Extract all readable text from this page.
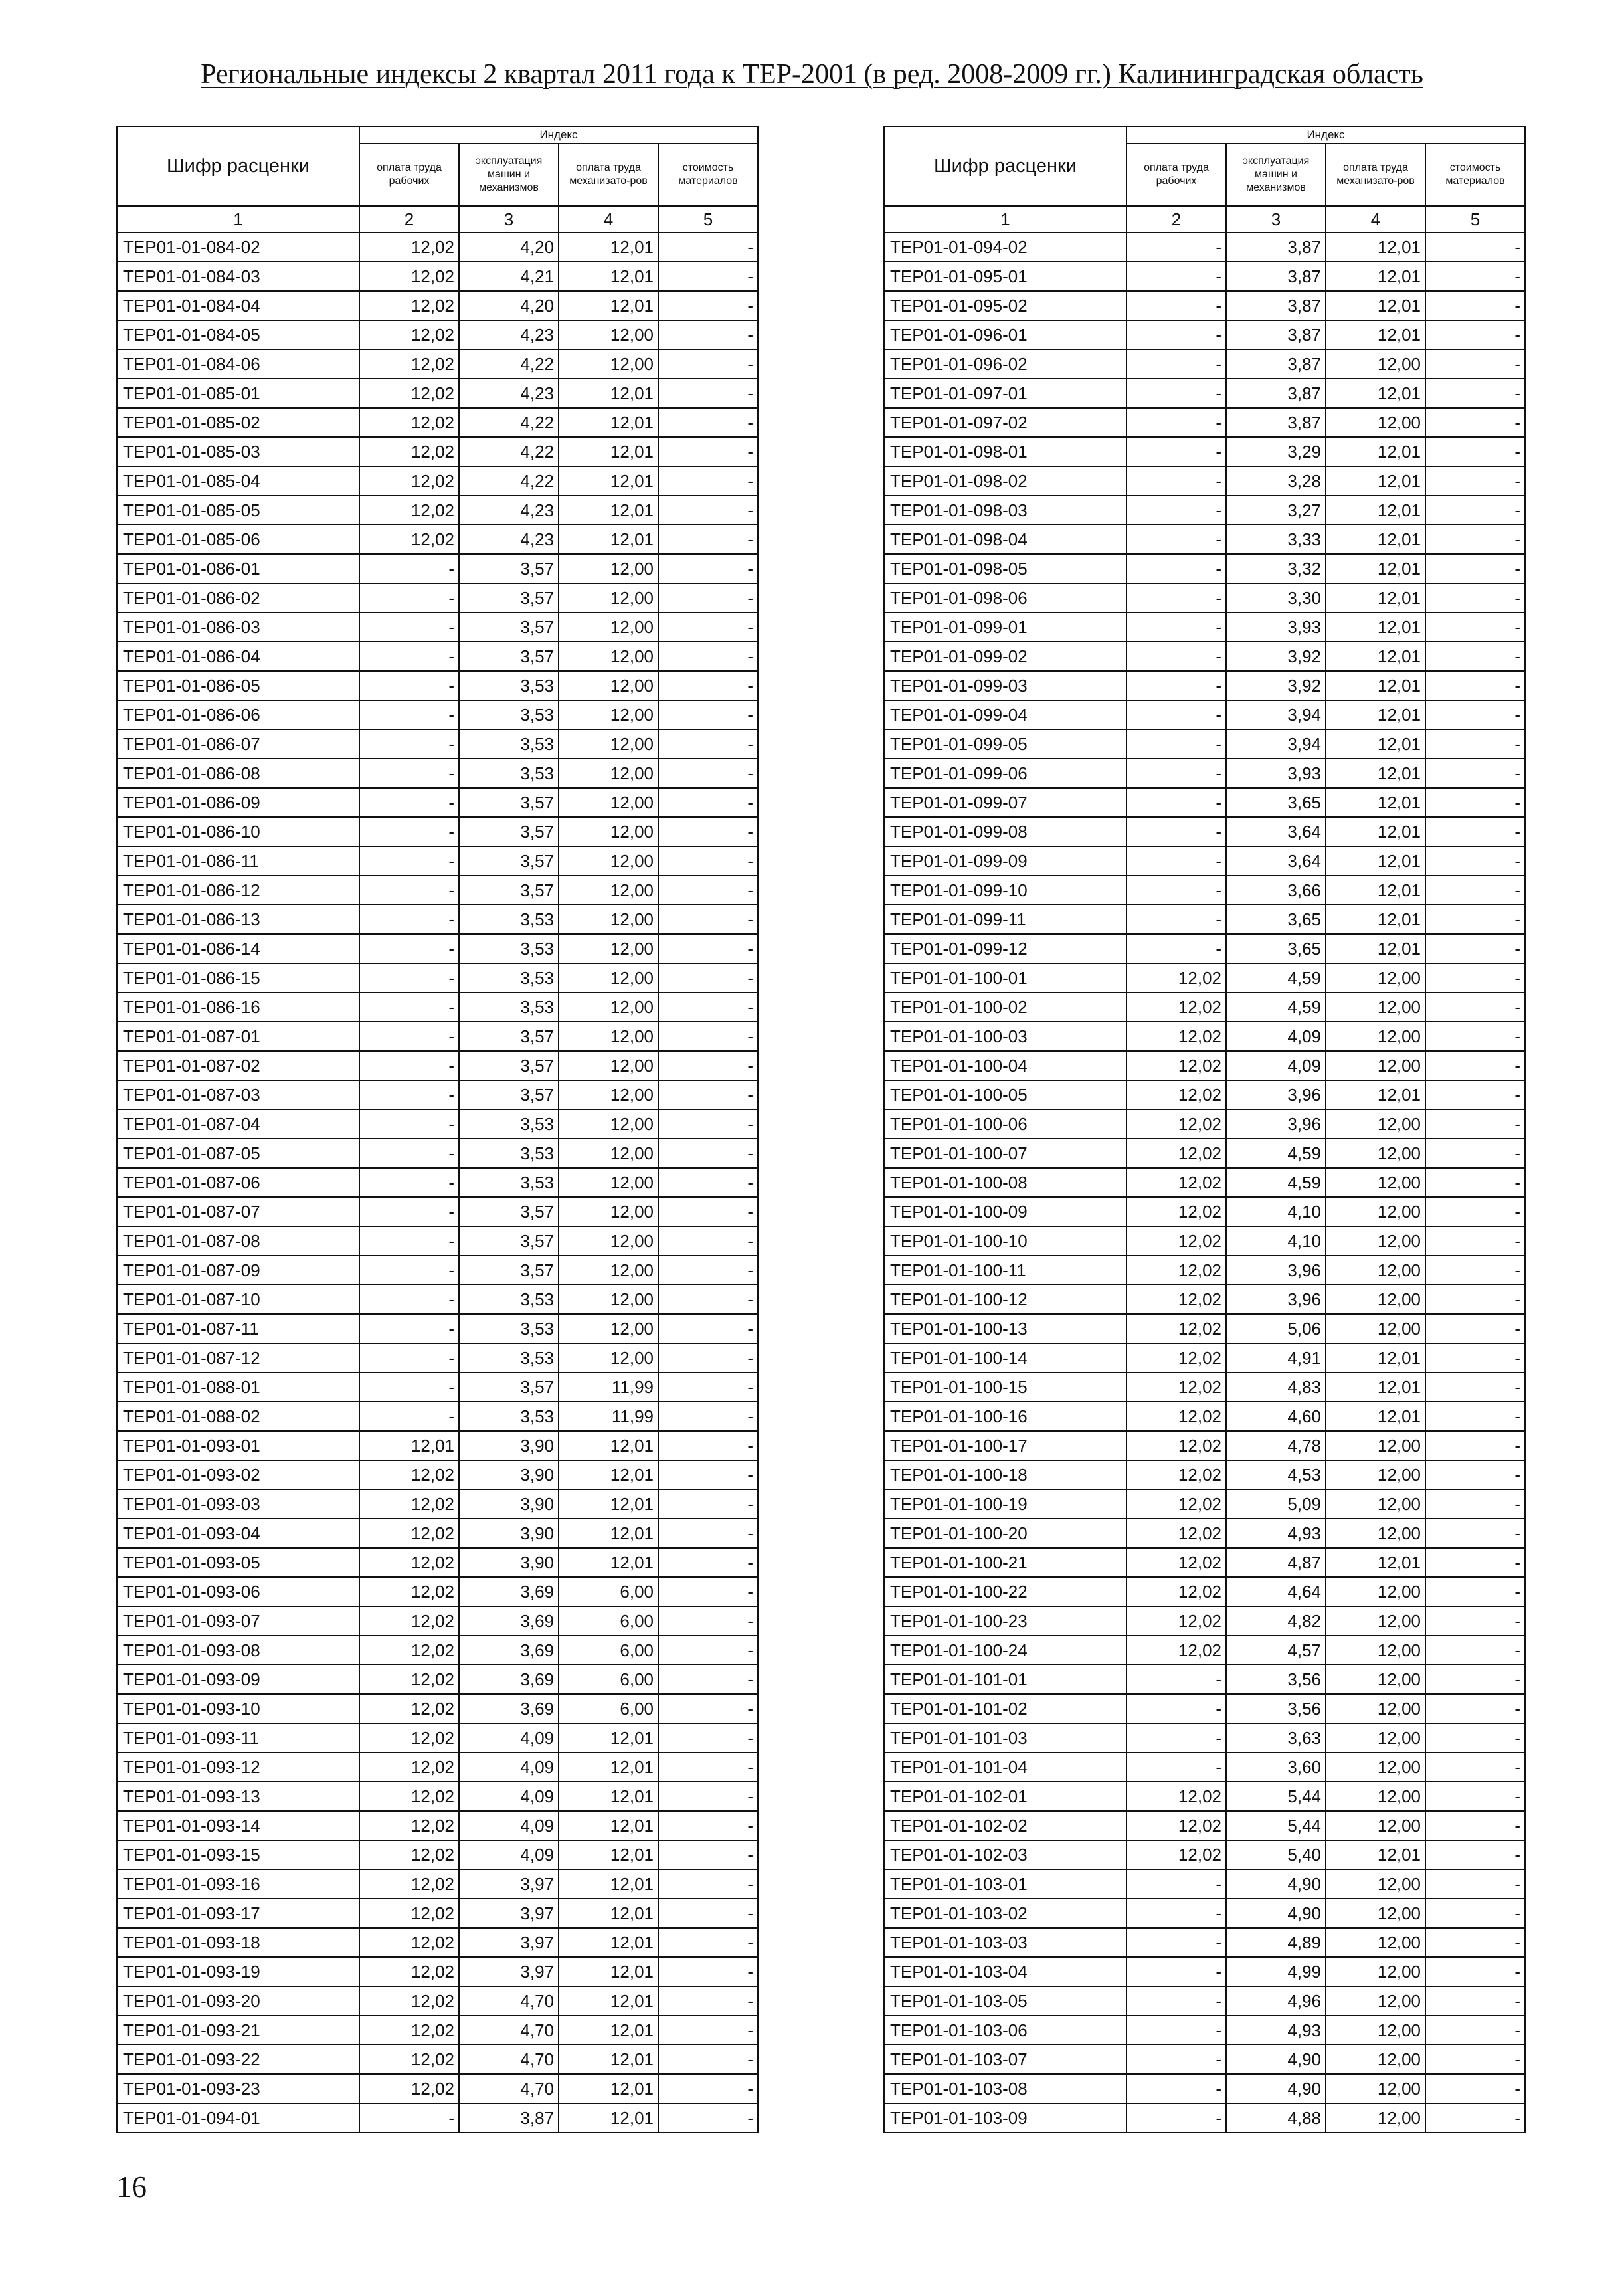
Региональные индексы 2 квартал 2011 года к ТЕР-2001 (в ред. 2008-2009 гг.) Калининградская область
Шифр расценки	Индекс			
	оплата труда рабочих	эксплуатация машин и механизмов	оплата труда механизато-ров	стоимость материалов
1	2	3	4	5
ТЕР01-01-084-02	12,02	4,20	12,01	-
ТЕР01-01-084-03	12,02	4,21	12,01	-
ТЕР01-01-084-04	12,02	4,20	12,01	-
ТЕР01-01-084-05	12,02	4,23	12,00	-
ТЕР01-01-084-06	12,02	4,22	12,00	-
ТЕР01-01-085-01	12,02	4,23	12,01	-
ТЕР01-01-085-02	12,02	4,22	12,01	-
ТЕР01-01-085-03	12,02	4,22	12,01	-
ТЕР01-01-085-04	12,02	4,22	12,01	-
ТЕР01-01-085-05	12,02	4,23	12,01	-
ТЕР01-01-085-06	12,02	4,23	12,01	-
ТЕР01-01-086-01	-	3,57	12,00	-
ТЕР01-01-086-02	-	3,57	12,00	-
ТЕР01-01-086-03	-	3,57	12,00	-
ТЕР01-01-086-04	-	3,57	12,00	-
ТЕР01-01-086-05	-	3,53	12,00	-
ТЕР01-01-086-06	-	3,53	12,00	-
ТЕР01-01-086-07	-	3,53	12,00	-
ТЕР01-01-086-08	-	3,53	12,00	-
ТЕР01-01-086-09	-	3,57	12,00	-
ТЕР01-01-086-10	-	3,57	12,00	-
ТЕР01-01-086-11	-	3,57	12,00	-
ТЕР01-01-086-12	-	3,57	12,00	-
ТЕР01-01-086-13	-	3,53	12,00	-
ТЕР01-01-086-14	-	3,53	12,00	-
ТЕР01-01-086-15	-	3,53	12,00	-
ТЕР01-01-086-16	-	3,53	12,00	-
ТЕР01-01-087-01	-	3,57	12,00	-
ТЕР01-01-087-02	-	3,57	12,00	-
ТЕР01-01-087-03	-	3,57	12,00	-
ТЕР01-01-087-04	-	3,53	12,00	-
ТЕР01-01-087-05	-	3,53	12,00	-
ТЕР01-01-087-06	-	3,53	12,00	-
ТЕР01-01-087-07	-	3,57	12,00	-
ТЕР01-01-087-08	-	3,57	12,00	-
ТЕР01-01-087-09	-	3,57	12,00	-
ТЕР01-01-087-10	-	3,53	12,00	-
ТЕР01-01-087-11	-	3,53	12,00	-
ТЕР01-01-087-12	-	3,53	12,00	-
ТЕР01-01-088-01	-	3,57	11,99	-
ТЕР01-01-088-02	-	3,53	11,99	-
ТЕР01-01-093-01	12,01	3,90	12,01	-
ТЕР01-01-093-02	12,02	3,90	12,01	-
ТЕР01-01-093-03	12,02	3,90	12,01	-
ТЕР01-01-093-04	12,02	3,90	12,01	-
ТЕР01-01-093-05	12,02	3,90	12,01	-
ТЕР01-01-093-06	12,02	3,69	6,00	-
ТЕР01-01-093-07	12,02	3,69	6,00	-
ТЕР01-01-093-08	12,02	3,69	6,00	-
ТЕР01-01-093-09	12,02	3,69	6,00	-
ТЕР01-01-093-10	12,02	3,69	6,00	-
ТЕР01-01-093-11	12,02	4,09	12,01	-
ТЕР01-01-093-12	12,02	4,09	12,01	-
ТЕР01-01-093-13	12,02	4,09	12,01	-
ТЕР01-01-093-14	12,02	4,09	12,01	-
ТЕР01-01-093-15	12,02	4,09	12,01	-
ТЕР01-01-093-16	12,02	3,97	12,01	-
ТЕР01-01-093-17	12,02	3,97	12,01	-
ТЕР01-01-093-18	12,02	3,97	12,01	-
ТЕР01-01-093-19	12,02	3,97	12,01	-
ТЕР01-01-093-20	12,02	4,70	12,01	-
ТЕР01-01-093-21	12,02	4,70	12,01	-
ТЕР01-01-093-22	12,02	4,70	12,01	-
ТЕР01-01-093-23	12,02	4,70	12,01	-
ТЕР01-01-094-01	-	3,87	12,01	-
Шифр расценки	Индекс			
	оплата труда рабочих	эксплуатация машин и механизмов	оплата труда механизато-ров	стоимость материалов
1	2	3	4	5
ТЕР01-01-094-02	-	3,87	12,01	-
ТЕР01-01-095-01	-	3,87	12,01	-
ТЕР01-01-095-02	-	3,87	12,01	-
ТЕР01-01-096-01	-	3,87	12,01	-
ТЕР01-01-096-02	-	3,87	12,00	-
ТЕР01-01-097-01	-	3,87	12,01	-
ТЕР01-01-097-02	-	3,87	12,00	-
ТЕР01-01-098-01	-	3,29	12,01	-
ТЕР01-01-098-02	-	3,28	12,01	-
ТЕР01-01-098-03	-	3,27	12,01	-
ТЕР01-01-098-04	-	3,33	12,01	-
ТЕР01-01-098-05	-	3,32	12,01	-
ТЕР01-01-098-06	-	3,30	12,01	-
ТЕР01-01-099-01	-	3,93	12,01	-
ТЕР01-01-099-02	-	3,92	12,01	-
ТЕР01-01-099-03	-	3,92	12,01	-
ТЕР01-01-099-04	-	3,94	12,01	-
ТЕР01-01-099-05	-	3,94	12,01	-
ТЕР01-01-099-06	-	3,93	12,01	-
ТЕР01-01-099-07	-	3,65	12,01	-
ТЕР01-01-099-08	-	3,64	12,01	-
ТЕР01-01-099-09	-	3,64	12,01	-
ТЕР01-01-099-10	-	3,66	12,01	-
ТЕР01-01-099-11	-	3,65	12,01	-
ТЕР01-01-099-12	-	3,65	12,01	-
ТЕР01-01-100-01	12,02	4,59	12,00	-
ТЕР01-01-100-02	12,02	4,59	12,00	-
ТЕР01-01-100-03	12,02	4,09	12,00	-
ТЕР01-01-100-04	12,02	4,09	12,00	-
ТЕР01-01-100-05	12,02	3,96	12,01	-
ТЕР01-01-100-06	12,02	3,96	12,00	-
ТЕР01-01-100-07	12,02	4,59	12,00	-
ТЕР01-01-100-08	12,02	4,59	12,00	-
ТЕР01-01-100-09	12,02	4,10	12,00	-
ТЕР01-01-100-10	12,02	4,10	12,00	-
ТЕР01-01-100-11	12,02	3,96	12,00	-
ТЕР01-01-100-12	12,02	3,96	12,00	-
ТЕР01-01-100-13	12,02	5,06	12,00	-
ТЕР01-01-100-14	12,02	4,91	12,01	-
ТЕР01-01-100-15	12,02	4,83	12,01	-
ТЕР01-01-100-16	12,02	4,60	12,01	-
ТЕР01-01-100-17	12,02	4,78	12,00	-
ТЕР01-01-100-18	12,02	4,53	12,00	-
ТЕР01-01-100-19	12,02	5,09	12,00	-
ТЕР01-01-100-20	12,02	4,93	12,00	-
ТЕР01-01-100-21	12,02	4,87	12,01	-
ТЕР01-01-100-22	12,02	4,64	12,00	-
ТЕР01-01-100-23	12,02	4,82	12,00	-
ТЕР01-01-100-24	12,02	4,57	12,00	-
ТЕР01-01-101-01	-	3,56	12,00	-
ТЕР01-01-101-02	-	3,56	12,00	-
ТЕР01-01-101-03	-	3,63	12,00	-
ТЕР01-01-101-04	-	3,60	12,00	-
ТЕР01-01-102-01	12,02	5,44	12,00	-
ТЕР01-01-102-02	12,02	5,44	12,00	-
ТЕР01-01-102-03	12,02	5,40	12,01	-
ТЕР01-01-103-01	-	4,90	12,00	-
ТЕР01-01-103-02	-	4,90	12,00	-
ТЕР01-01-103-03	-	4,89	12,00	-
ТЕР01-01-103-04	-	4,99	12,00	-
ТЕР01-01-103-05	-	4,96	12,00	-
ТЕР01-01-103-06	-	4,93	12,00	-
ТЕР01-01-103-07	-	4,90	12,00	-
ТЕР01-01-103-08	-	4,90	12,00	-
ТЕР01-01-103-09	-	4,88	12,00	-
16
